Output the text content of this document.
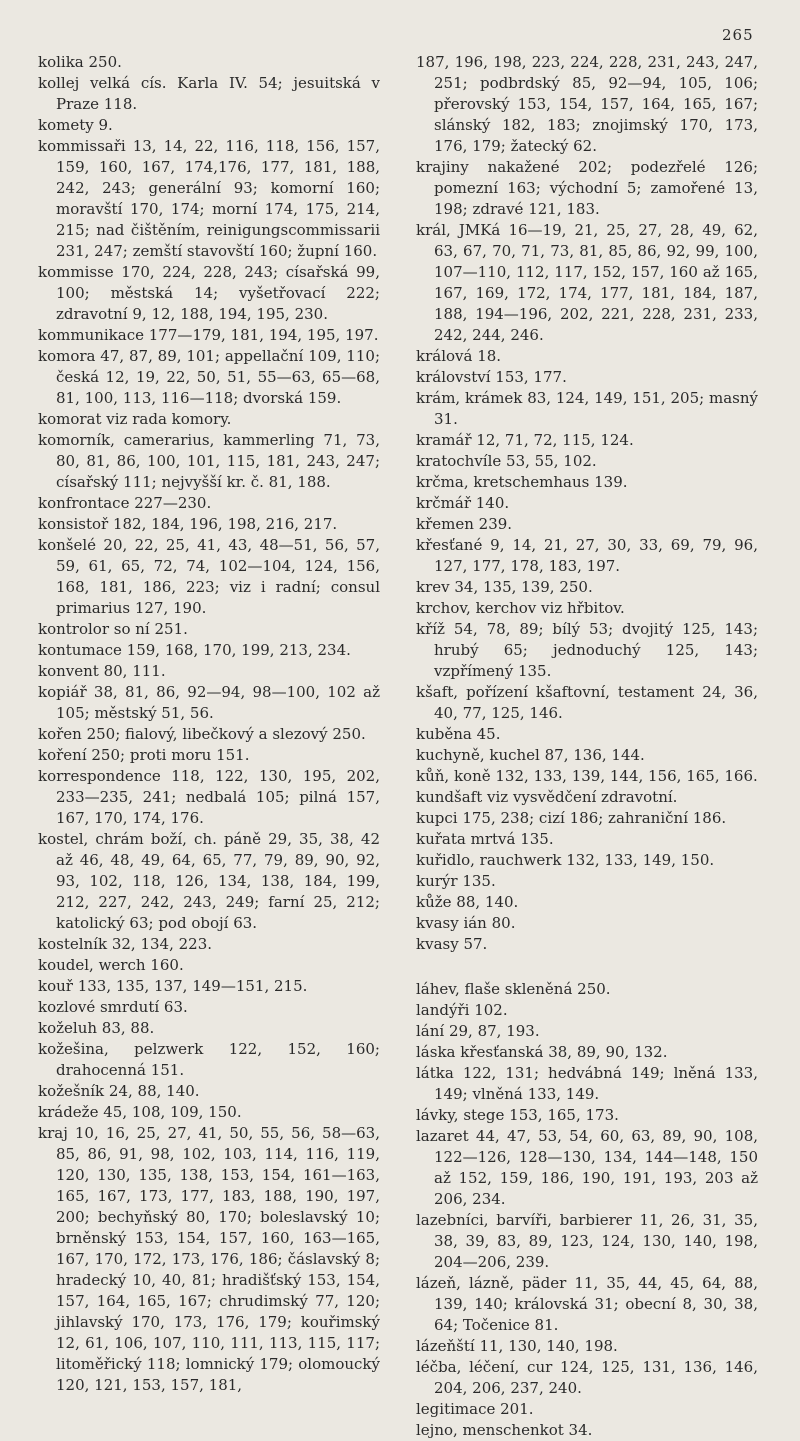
265

kolika 250.

kollej velká cís. Karla IV. 54; jesuitská v Praze 118.

komety 9.

kommissaři 13, 14, 22, 116, 118, 156, 157, 159, 160, 167, 174,176, 177, 181, 188, 242, 243; generální 93; komorní 160; moravští 170, 174; morní 174, 175, 214, 215; nad čištěním, reinigungscommissarii 231, 247; zemští stavovští 160; župní 160.

kommisse 170, 224, 228, 243; císařská 99, 100; městská 14; vyšetřovací 222; zdravotní 9, 12, 188, 194, 195, 230.

kommunikace 177—179, 181, 194, 195, 197.

komora 47, 87, 89, 101; appellační 109, 110; česká 12, 19, 22, 50, 51, 55—63, 65—68, 81, 100, 113, 116—118; dvorská 159.

komorat viz rada komory.

komorník, camerarius, kammerling 71, 73, 80, 81, 86, 100, 101, 115, 181, 243, 247; císařský 111; nejvyšší kr. č. 81, 188.

konfrontace 227—230.

konsistoř 182, 184, 196, 198, 216, 217.

konšelé 20, 22, 25, 41, 43, 48—51, 56, 57, 59, 61, 65, 72, 74, 102—104, 124, 156, 168, 181, 186, 223; viz i radní; consul primarius 127, 190.

kontrolor so ní 251.

kontumace 159, 168, 170, 199, 213, 234.

konvent 80, 111.

kopiář 38, 81, 86, 92—94, 98—100, 102 až 105; městský 51, 56.

kořen 250; fialový, libečkový a slezový 250.

koření 250; proti moru 151.

korrespondence 118, 122, 130, 195, 202, 233—235, 241; nedbalá 105; pilná 157, 167, 170, 174, 176.

kostel, chrám boží, ch. páně 29, 35, 38, 42 až 46, 48, 49, 64, 65, 77, 79, 89, 90, 92, 93, 102, 118, 126, 134, 138, 184, 199, 212, 227, 242, 243, 249; farní 25, 212; katolický 63; pod obojí 63.

kostelník 32, 134, 223.

koudel, werch 160.

kouř 133, 135, 137, 149—151, 215.

kozlové smrdutí 63.

koželuh 83, 88.

kožešina, pelzwerk 122, 152, 160; drahocenná 151.

kožešník 24, 88, 140.

krádeže 45, 108, 109, 150.

kraj 10, 16, 25, 27, 41, 50, 55, 56, 58—63, 85, 86, 91, 98, 102, 103, 114, 116, 119, 120, 130, 135, 138, 153, 154, 161—163, 165, 167, 173, 177, 183, 188, 190, 197, 200; bechyňský 80, 170; boleslavský 10; brněnský 153, 154, 157, 160, 163—165, 167, 170, 172, 173, 176, 186; čáslavský 8; hradecký 10, 40, 81; hradišťský 153, 154, 157, 164, 165, 167; chrudimský 77, 120; jihlavský 170, 173, 176, 179; kouřimský 12, 61, 106, 107, 110, 111, 113, 115, 117; litoměřický 118; lomnický 179; olomoucký 120, 121, 153, 157, 181,

187, 196, 198, 223, 224, 228, 231, 243, 247, 251; podbrdský 85, 92—94, 105, 106; přerovský 153, 154, 157, 164, 165, 167; slánský 182, 183; znojimský 170, 173, 176, 179; žatecký 62.

krajiny nakažené 202; podezřelé 126; pomezní 163; východní 5; zamořené 13, 198; zdravé 121, 183.

král, JMKá 16—19, 21, 25, 27, 28, 49, 62, 63, 67, 70, 71, 73, 81, 85, 86, 92, 99, 100, 107—110, 112, 117, 152, 157, 160 až 165, 167, 169, 172, 174, 177, 181, 184, 187, 188, 194—196, 202, 221, 228, 231, 233, 242, 244, 246.

králová 18.

království 153, 177.

krám, krámek 83, 124, 149, 151, 205; masný 31.

kramář 12, 71, 72, 115, 124.

kratochvíle 53, 55, 102.

krčma, kretschemhaus 139.

krčmář 140.

křemen 239.

křesťané 9, 14, 21, 27, 30, 33, 69, 79, 96, 127, 177, 178, 183, 197.

krev 34, 135, 139, 250.

krchov, kerchov viz hřbitov.

kříž 54, 78, 89; bílý 53; dvojitý 125, 143; hrubý 65; jednoduchý 125, 143; vzpřímený 135.

kšaft, pořízení kšaftovní, testament 24, 36, 40, 77, 125, 146.

kuběna 45.

kuchyně, kuchel 87, 136, 144.

kůň, koně 132, 133, 139, 144, 156, 165, 166.

kundšaft viz vysvědčení zdravotní.

kupci 175, 238; cizí 186; zahraniční 186.

kuřata mrtvá 135.

kuřidlo, rauchwerk 132, 133, 149, 150.

kurýr 135.

kůže 88, 140.

kvasy ián 80.

kvasy 57.

láhev, flaše skleněná 250.

landýři 102.

lání 29, 87, 193.

láska křesťanská 38, 89, 90, 132.

látka 122, 131; hedvábná 149; lněná 133, 149; vlněná 133, 149.

lávky, stege 153, 165, 173.

lazaret 44, 47, 53, 54, 60, 63, 89, 90, 108, 122—126, 128—130, 134, 144—148, 150 až 152, 159, 186, 190, 191, 193, 203 až 206, 234.

lazebníci, barvíři, barbierer 11, 26, 31, 35, 38, 39, 83, 89, 123, 124, 130, 140, 198, 204—206, 239.

lázeň, lázně, päder 11, 35, 44, 45, 64, 88, 139, 140; královská 31; obecní 8, 30, 38, 64; Točenice 81.

lázeňští 11, 130, 140, 198.

léčba, léčení, cur 124, 125, 131, 136, 146, 204, 206, 237, 240.

legitimace 201.

lejno, menschenkot 34.
